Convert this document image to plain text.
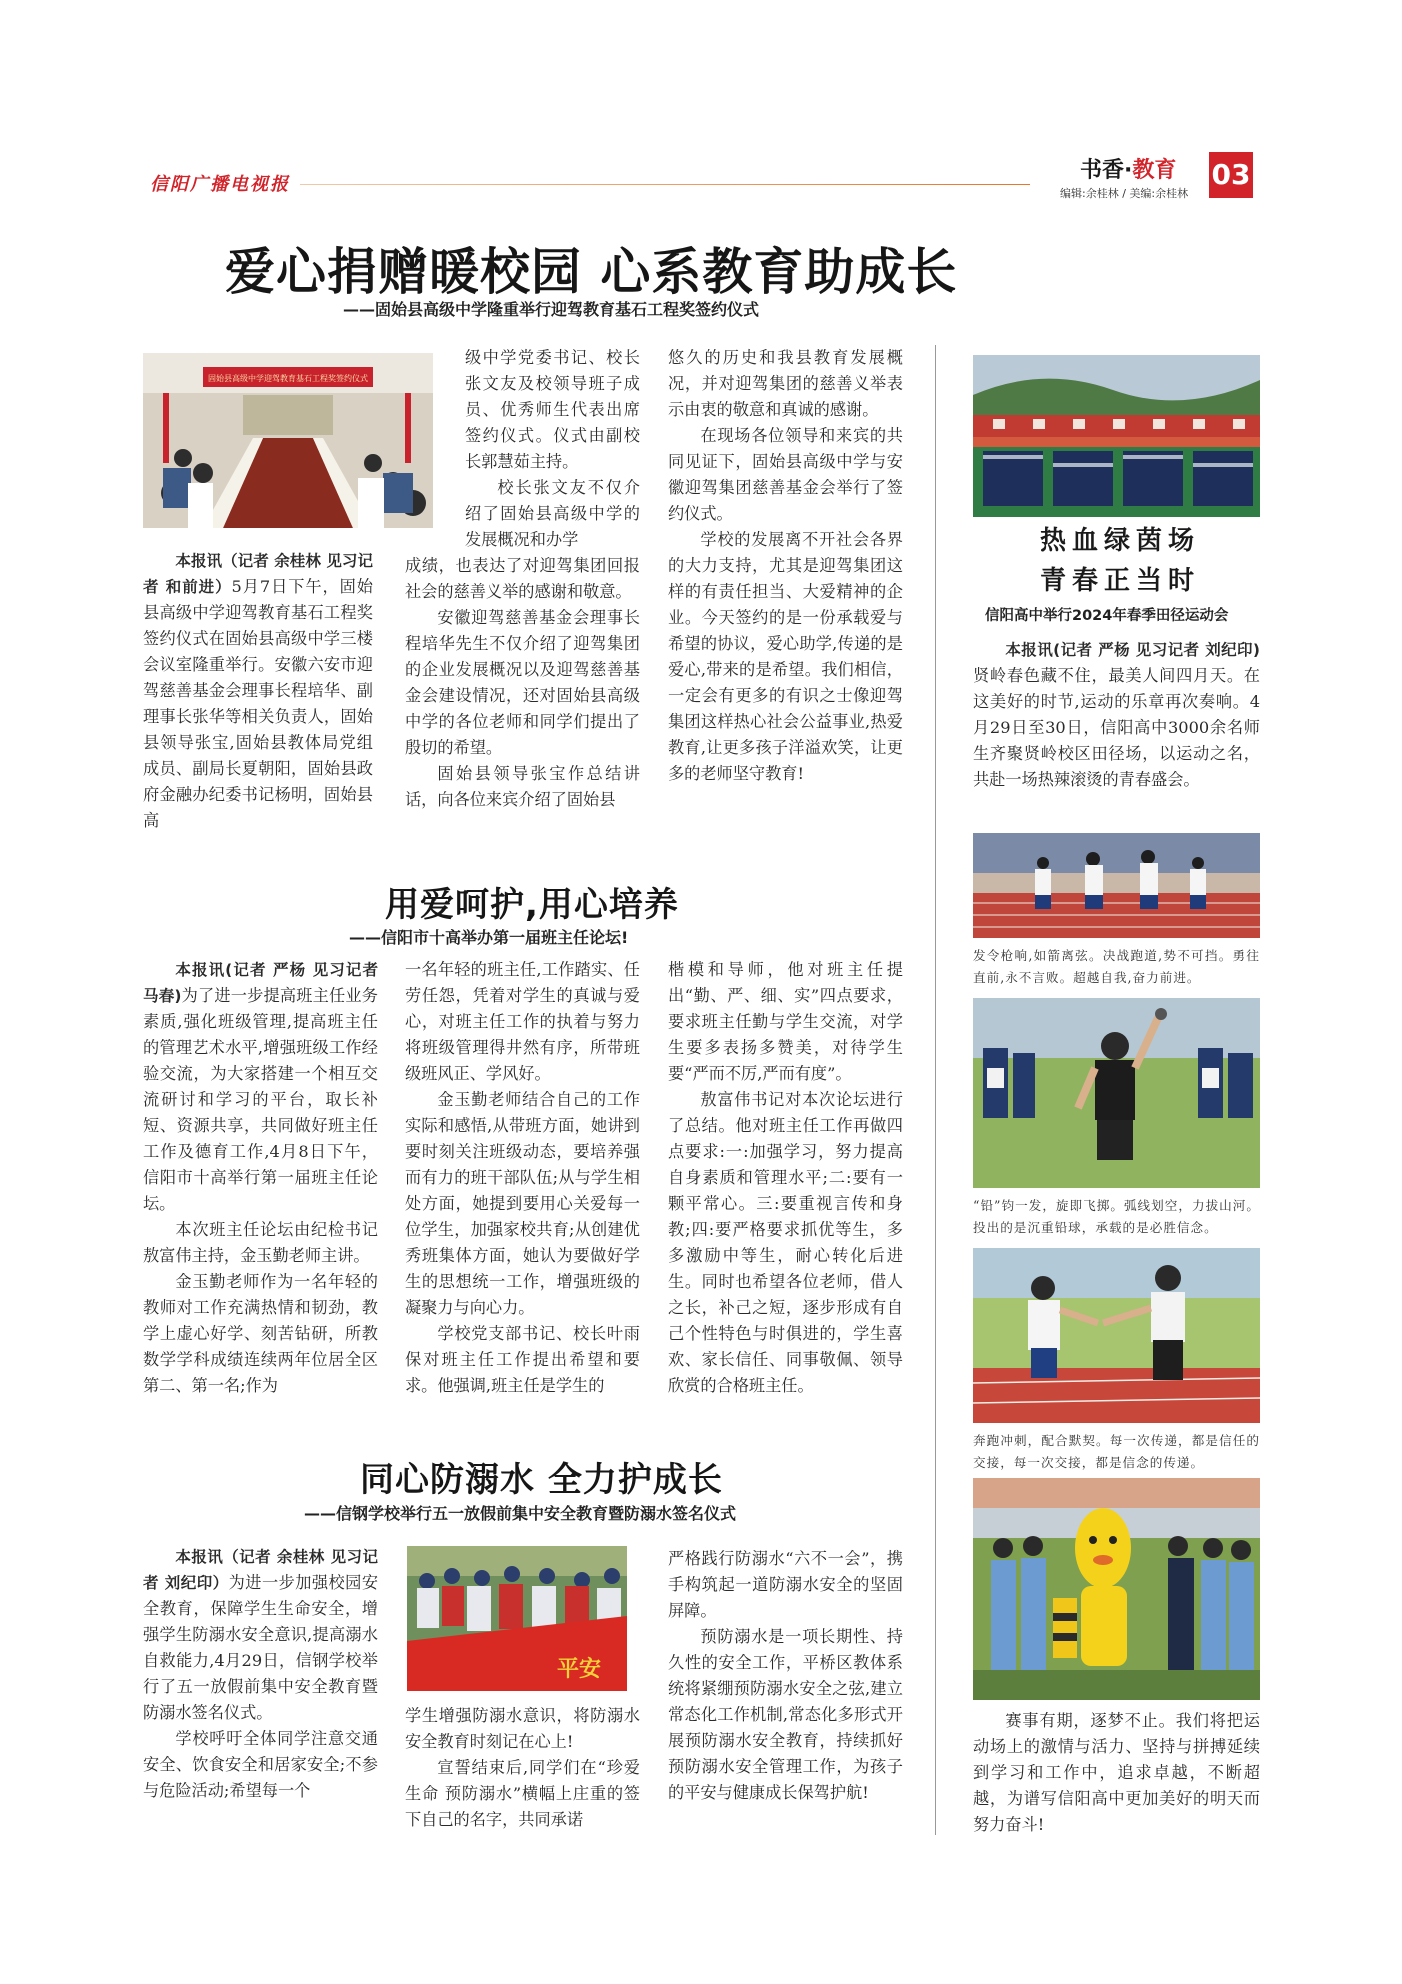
信阳广播电视报
书香·教育
编辑:余桂林 / 美编:余桂林
03
爱心捐赠暖校园 心系教育助成长
——固始县高级中学隆重举行迎驾教育基石工程奖签约仪式
固始县高级中学迎驾教育基石工程奖签约仪式

本报讯（记者 余桂林 见习记者 和前进）5月7日下午，固始县高级中学迎驾教育基石工程奖签约仪式在固始县高级中学三楼会议室隆重举行。安徽六安市迎驾慈善基金会理事长程培华、副理事长张华等相关负责人，固始县领导张宝,固始县教体局党组成员、副局长夏朝阳，固始县政府金融办纪委书记杨明，固始县高

级中学党委书记、校长张文友及校领导班子成员、优秀师生代表出席签约仪式。仪式由副校长郭慧茹主持。

校长张文友不仅介绍了固始县高级中学的发展概况和办学

成绩，也表达了对迎驾集团回报社会的慈善义举的感谢和敬意。

安徽迎驾慈善基金会理事长程培华先生不仅介绍了迎驾集团的企业发展概况以及迎驾慈善基金会建设情况，还对固始县高级中学的各位老师和同学们提出了殷切的希望。

固始县领导张宝作总结讲话，向各位来宾介绍了固始县

悠久的历史和我县教育发展概况，并对迎驾集团的慈善义举表示由衷的敬意和真诚的感谢。

在现场各位领导和来宾的共同见证下，固始县高级中学与安徽迎驾集团慈善基金会举行了签约仪式。

学校的发展离不开社会各界的大力支持，尤其是迎驾集团这样的有责任担当、大爱精神的企业。今天签约的是一份承载爱与希望的协议，爱心助学,传递的是爱心,带来的是希望。我们相信，一定会有更多的有识之士像迎驾集团这样热心社会公益事业,热爱教育,让更多孩子洋溢欢笑，让更多的老师坚守教育!

用爱呵护,用心培养
——信阳市十高举办第一届班主任论坛!

本报讯(记者 严杨 见习记者 马春)为了进一步提高班主任业务素质,强化班级管理,提高班主任的管理艺术水平,增强班级工作经验交流，为大家搭建一个相互交流研讨和学习的平台，取长补短、资源共享，共同做好班主任工作及德育工作,4月8日下午，信阳市十高举行第一届班主任论坛。

本次班主任论坛由纪检书记敖富伟主持，金玉勤老师主讲。

金玉勤老师作为一名年轻的教师对工作充满热情和韧劲，教学上虚心好学、刻苦钻研，所教数学学科成绩连续两年位居全区第二、第一名;作为

一名年轻的班主任,工作踏实、任劳任怨，凭着对学生的真诚与爱心，对班主任工作的执着与努力将班级管理得井然有序，所带班级班风正、学风好。

金玉勤老师结合自己的工作实际和感悟,从带班方面，她讲到要时刻关注班级动态，要培养强而有力的班干部队伍;从与学生相处方面，她提到要用心关爱每一位学生，加强家校共育;从创建优秀班集体方面，她认为要做好学生的思想统一工作，增强班级的凝聚力与向心力。

学校党支部书记、校长叶雨保对班主任工作提出希望和要求。他强调,班主任是学生的

楷模和导师，他对班主任提出“勤、严、细、实”四点要求，要求班主任勤与学生交流，对学生要多表扬多赞美，对待学生要“严而不厉,严而有度”。

敖富伟书记对本次论坛进行了总结。他对班主任工作再做四点要求:一:加强学习，努力提高自身素质和管理水平;二:要有一颗平常心。三:要重视言传和身教;四:要严格要求抓优等生，多多激励中等生，耐心转化后进生。同时也希望各位老师，借人之长，补己之短，逐步形成有自己个性特色与时俱进的，学生喜欢、家长信任、同事敬佩、领导欣赏的合格班主任。

同心防溺水 全力护成长
——信钢学校举行五一放假前集中安全教育暨防溺水签名仪式

本报讯（记者 余桂林 见习记者 刘纪印）为进一步加强校园安全教育，保障学生生命安全，增强学生防溺水安全意识,提高溺水自救能力,4月29日，信钢学校举行了五一放假前集中安全教育暨防溺水签名仪式。

学校呼吁全体同学注意交通安全、饮食安全和居家安全;不参与危险活动;希望每一个

平安

学生增强防溺水意识，将防溺水安全教育时刻记在心上!

宣誓结束后,同学们在“珍爱生命 预防溺水”横幅上庄重的签下自己的名字，共同承诺

严格践行防溺水“六不一会”，携手构筑起一道防溺水安全的坚固屏障。

预防溺水是一项长期性、持久性的安全工作，平桥区教体系统将紧绷预防溺水安全之弦,建立常态化工作机制,常态化多形式开展预防溺水安全教育，持续抓好预防溺水安全管理工作，为孩子的平安与健康成长保驾护航!

热血绿茵场
青春正当时
信阳高中举行2024年春季田径运动会

本报讯(记者 严杨 见习记者 刘纪印)贤岭春色藏不住，最美人间四月天。在这美好的时节,运动的乐章再次奏响。4月29日至30日，信阳高中3000余名师生齐聚贤岭校区田径场，以运动之名，共赴一场热辣滚烫的青春盛会。

发令枪响,如箭离弦。决战跑道,势不可挡。勇往直前,永不言败。超越自我,奋力前进。
“铅”钧一发，旋即飞掷。弧线划空，力拔山河。投出的是沉重铅球，承载的是必胜信念。
奔跑冲刺，配合默契。每一次传递，都是信任的交接，每一次交接，都是信念的传递。

赛事有期，逐梦不止。我们将把运动场上的激情与活力、坚持与拼搏延续到学习和工作中，追求卓越，不断超越，为谱写信阳高中更加美好的明天而努力奋斗!
